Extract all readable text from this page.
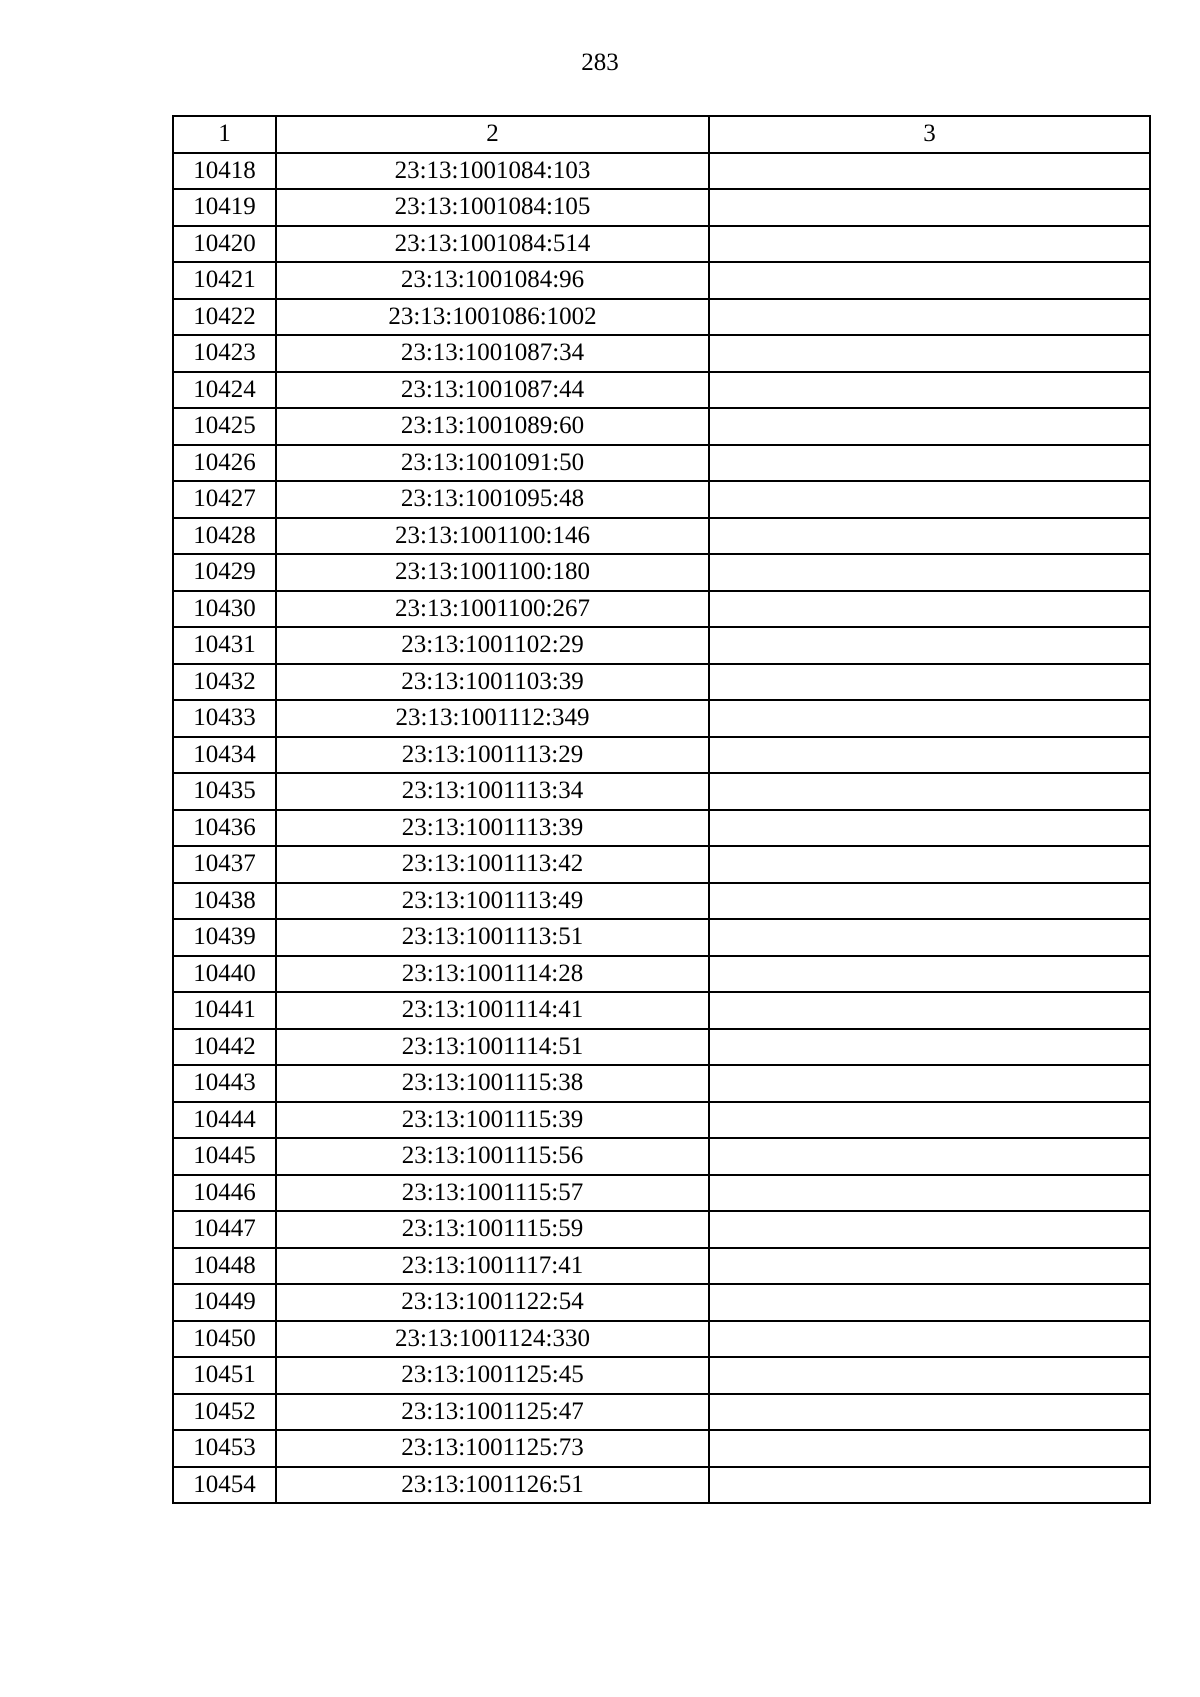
283
1	2	3
10418	23:13:1001084:103	
10419	23:13:1001084:105	
10420	23:13:1001084:514	
10421	23:13:1001084:96	
10422	23:13:1001086:1002	
10423	23:13:1001087:34	
10424	23:13:1001087:44	
10425	23:13:1001089:60	
10426	23:13:1001091:50	
10427	23:13:1001095:48	
10428	23:13:1001100:146	
10429	23:13:1001100:180	
10430	23:13:1001100:267	
10431	23:13:1001102:29	
10432	23:13:1001103:39	
10433	23:13:1001112:349	
10434	23:13:1001113:29	
10435	23:13:1001113:34	
10436	23:13:1001113:39	
10437	23:13:1001113:42	
10438	23:13:1001113:49	
10439	23:13:1001113:51	
10440	23:13:1001114:28	
10441	23:13:1001114:41	
10442	23:13:1001114:51	
10443	23:13:1001115:38	
10444	23:13:1001115:39	
10445	23:13:1001115:56	
10446	23:13:1001115:57	
10447	23:13:1001115:59	
10448	23:13:1001117:41	
10449	23:13:1001122:54	
10450	23:13:1001124:330	
10451	23:13:1001125:45	
10452	23:13:1001125:47	
10453	23:13:1001125:73	
10454	23:13:1001126:51	
